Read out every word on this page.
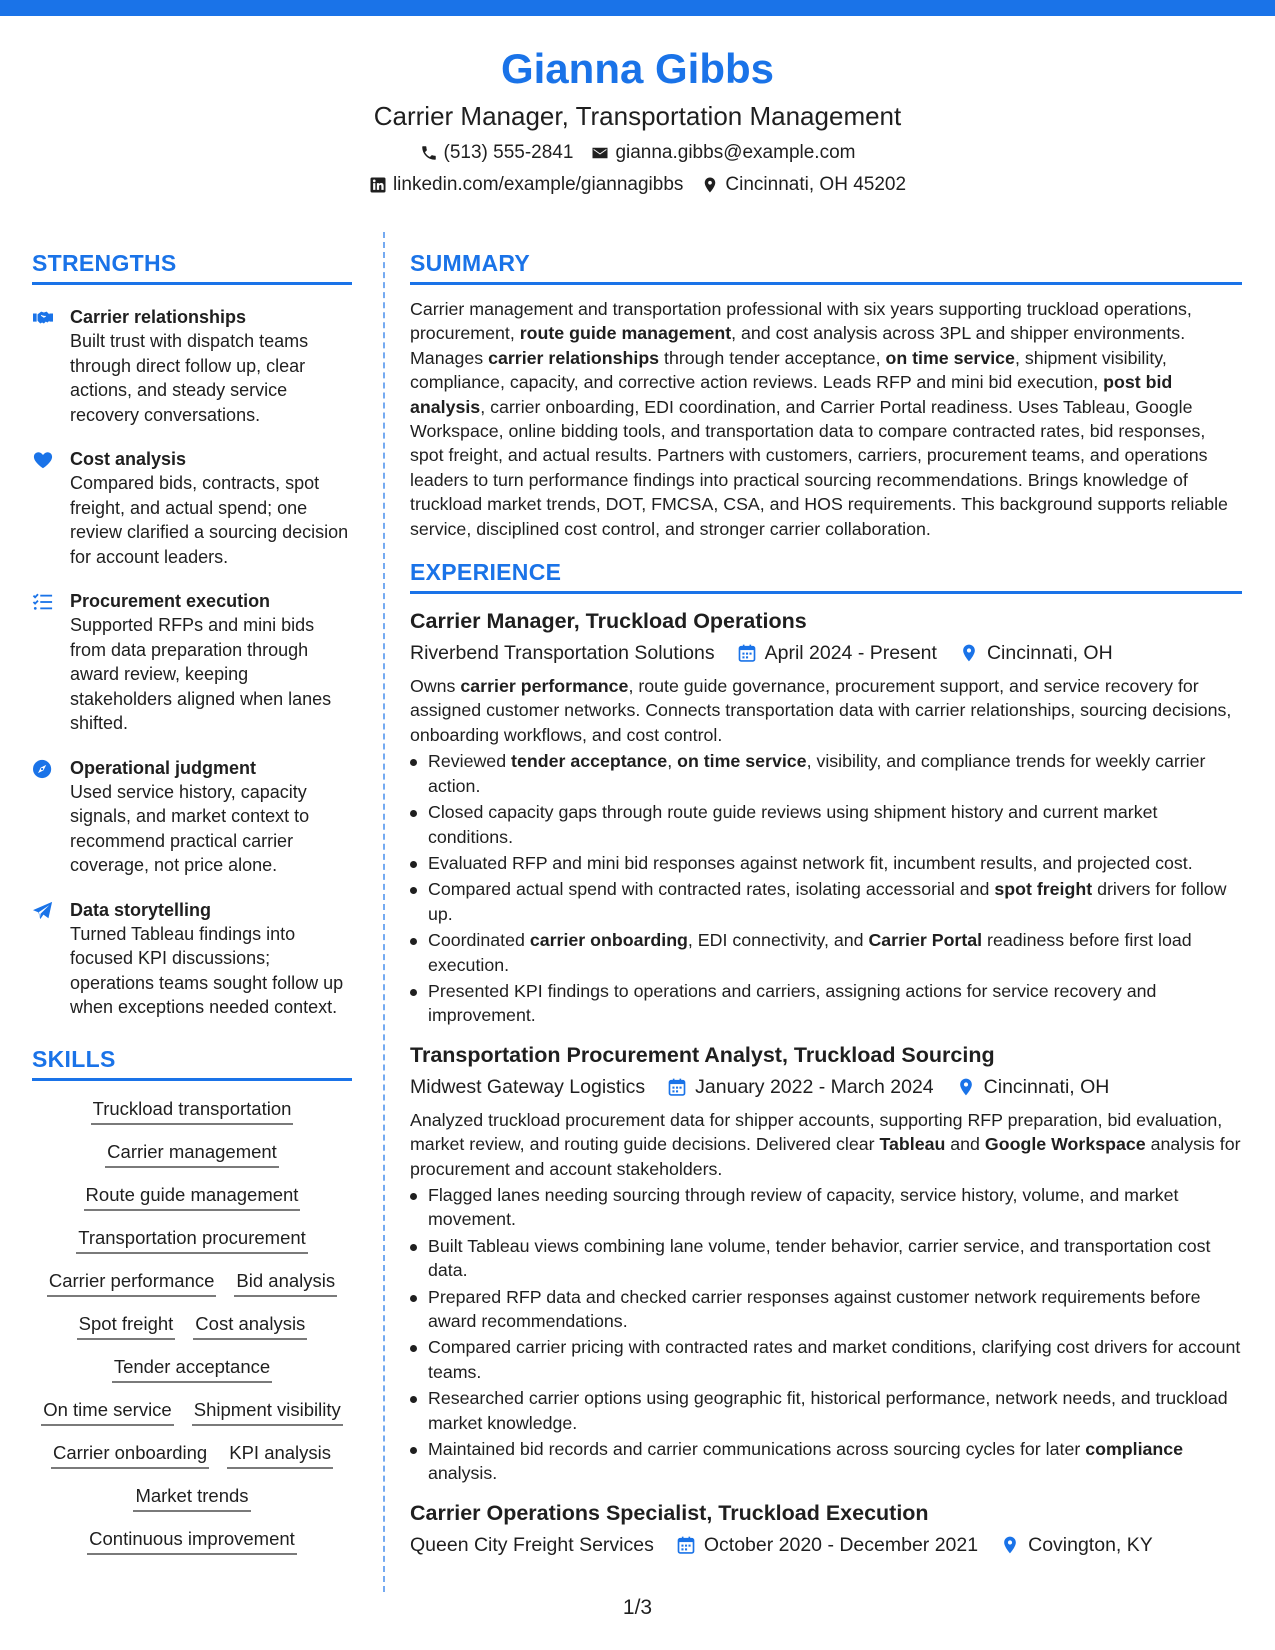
Gianna Gibbs
Carrier Manager, Transportation Management
(513) 555-2841 gianna.gibbs@example.com
linkedin.com/example/giannagibbs Cincinnati, OH 45202
STRENGTHS
Carrier relationships
Built trust with dispatch teams through direct follow up, clear actions, and steady service recovery conversations.
Cost analysis
Compared bids, contracts, spot freight, and actual spend; one review clarified a sourcing decision for account leaders.
Procurement execution
Supported RFPs and mini bids from data preparation through award review, keeping stakeholders aligned when lanes shifted.
Operational judgment
Used service history, capacity signals, and market context to recommend practical carrier coverage, not price alone.
Data storytelling
Turned Tableau findings into focused KPI discussions; operations teams sought follow up when exceptions needed context.
SKILLS
Truckload transportation
Carrier management
Route guide management
Transportation procurement
Carrier performance Bid analysis
Spot freight Cost analysis
Tender acceptance
On time service Shipment visibility
Carrier onboarding KPI analysis
Market trends
Continuous improvement
SUMMARY
Carrier management and transportation professional with six years supporting truckload operations, procurement, route guide management, and cost analysis across 3PL and shipper environments. Manages carrier relationships through tender acceptance, on time service, shipment visibility, compliance, capacity, and corrective action reviews. Leads RFP and mini bid execution, post bid analysis, carrier onboarding, EDI coordination, and Carrier Portal readiness. Uses Tableau, Google Workspace, online bidding tools, and transportation data to compare contracted rates, bid responses, spot freight, and actual results. Partners with customers, carriers, procurement teams, and operations leaders to turn performance findings into practical sourcing recommendations. Brings knowledge of truckload market trends, DOT, FMCSA, CSA, and HOS requirements. This background supports reliable service, disciplined cost control, and stronger carrier collaboration.
EXPERIENCE
Carrier Manager, Truckload Operations
Riverbend Transportation Solutions	April 2024 - Present	Cincinnati, OH
Owns carrier performance, route guide governance, procurement support, and service recovery for assigned customer networks. Connects transportation data with carrier relationships, sourcing decisions, onboarding workflows, and cost control.
Reviewed tender acceptance, on time service, visibility, and compliance trends for weekly carrier action.
Closed capacity gaps through route guide reviews using shipment history and current market conditions.
Evaluated RFP and mini bid responses against network fit, incumbent results, and projected cost.
Compared actual spend with contracted rates, isolating accessorial and spot freight drivers for follow up.
Coordinated carrier onboarding, EDI connectivity, and Carrier Portal readiness before first load execution.
Presented KPI findings to operations and carriers, assigning actions for service recovery and improvement.
Transportation Procurement Analyst, Truckload Sourcing
Midwest Gateway Logistics	January 2022 - March 2024	Cincinnati, OH
Analyzed truckload procurement data for shipper accounts, supporting RFP preparation, bid evaluation, market review, and routing guide decisions. Delivered clear Tableau and Google Workspace analysis for procurement and account stakeholders.
Flagged lanes needing sourcing through review of capacity, service history, volume, and market movement.
Built Tableau views combining lane volume, tender behavior, carrier service, and transportation cost data.
Prepared RFP data and checked carrier responses against customer network requirements before award recommendations.
Compared carrier pricing with contracted rates and market conditions, clarifying cost drivers for account teams.
Researched carrier options using geographic fit, historical performance, network needs, and truckload market knowledge.
Maintained bid records and carrier communications across sourcing cycles for later compliance analysis.
Carrier Operations Specialist, Truckload Execution
Queen City Freight Services	October 2020 - December 2021	Covington, KY
1/3
